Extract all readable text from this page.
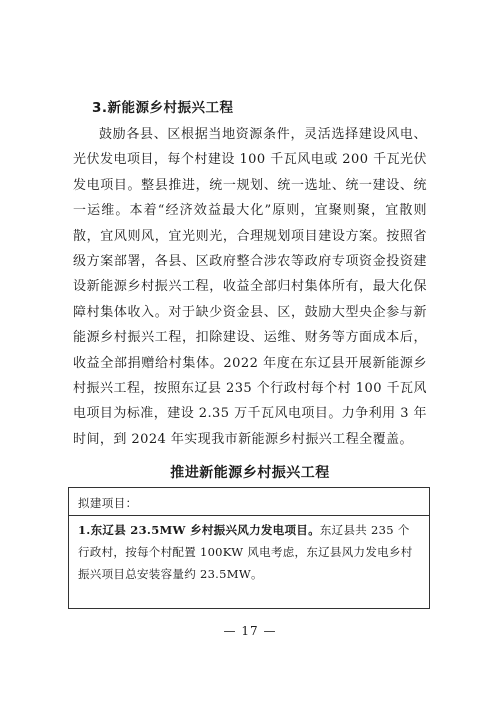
3.新能源乡村振兴工程

鼓励各县、区根据当地资源条件，灵活选择建设风电、光伏发电项目，每个村建设 100 千瓦风电或 200 千瓦光伏发电项目。整县推进，统一规划、统一选址、统一建设、统一运维。本着“经济效益最大化”原则，宜聚则聚，宜散则散，宜风则风，宜光则光，合理规划项目建设方案。按照省级方案部署，各县、区政府整合涉农等政府专项资金投资建设新能源乡村振兴工程，收益全部归村集体所有，最大化保障村集体收入。对于缺少资金县、区，鼓励大型央企参与新能源乡村振兴工程，扣除建设、运维、财务等方面成本后，收益全部捐赠给村集体。2022 年度在东辽县开展新能源乡村振兴工程，按照东辽县 235 个行政村每个村 100 千瓦风电项目为标准，建设 2.35 万千瓦风电项目。力争利用 3 年时间，到 2024 年实现我市新能源乡村振兴工程全覆盖。

推进新能源乡村振兴工程
拟建项目：

1.东辽县 23.5MW 乡村振兴风力发电项目。东辽县共 235 个行政村，按每个村配置 100KW 风电考虑，东辽县风力发电乡村振兴项目总安装容量约 23.5MW。

— 17 —
